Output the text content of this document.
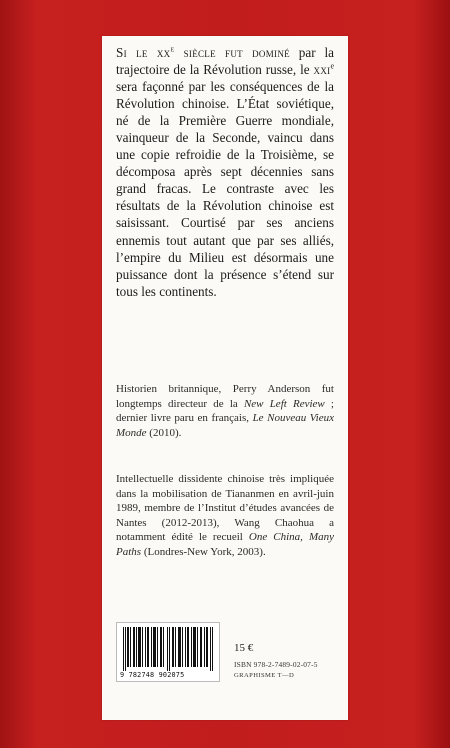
Si le $xx^e$ siècle fut dominé par la trajectoire de la Révolution russe, le xxi$^e$ sera façonné par les conséquences de la Révolution chinoise. L’État soviétique, né de la Première Guerre mondiale, vainqueur de la Seconde, vaincu dans une copie refroidie de la Troisième, se décomposa après sept décennies sans grand fracas. Le contraste avec les résultats de la Révolution chinoise est saisissant. Courtisé par ses anciens ennemis tout autant que par ses alliés, l’empire du Milieu est désormais une puissance dont la présence s’étend sur tous les continents.

Historien britannique, Perry Anderson fut longtemps directeur de la New Left Review ; dernier livre paru en français, Le Nouveau Vieux Monde (2010).

Intellectuelle dissidente chinoise très impliquée dans la mobilisation de Tiananmen en avril-juin 1989, membre de l’Institut d’études avancées de Nantes (2012-2013), Wang Chaohua a notamment édité le recueil One China, Many Paths (Londres-New York, 2003).

9 782748 902075
15 €
ISBN 978-2-7489-02-07-5
GRAPHISME T—D
